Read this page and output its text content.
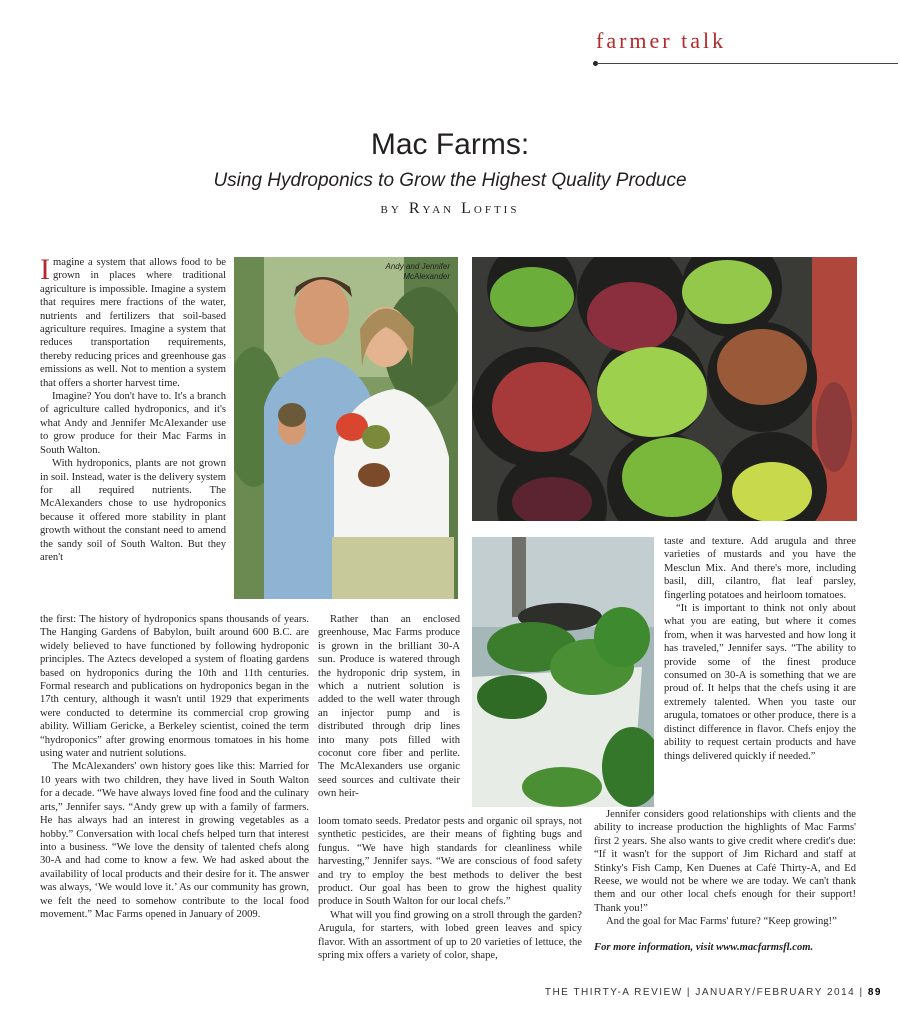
farmer talk
Mac Farms:
Using Hydroponics to Grow the Highest Quality Produce
by Ryan Loftis

Imagine a system that allows food to be grown in places where traditional agriculture is impossible. Imagine a system that requires mere fractions of the water, nutrients and fertilizers that soil-based agriculture requires. Imagine a system that reduces transportation requirements, thereby reducing prices and greenhouse gas emissions as well. Not to mention a system that offers a shorter harvest time.

Imagine? You don't have to. It's a branch of agriculture called hydroponics, and it's what Andy and Jennifer McAlexander use to grow produce for their Mac Farms in South Walton.

With hydroponics, plants are not grown in soil. Instead, water is the delivery system for all required nutrients. The McAlexanders chose to use hydroponics because it offered more stability in plant growth without the constant need to amend the sandy soil of South Walton. But they aren't

Andy and Jennifer
McAlexander

the first: The history of hydroponics spans thousands of years. The Hanging Gardens of Babylon, built around 600 B.C. are widely believed to have functioned by following hydroponic principles. The Aztecs developed a system of floating gardens based on hydroponics during the 10th and 11th centuries. Formal research and publications on hydroponics began in the 17th century, although it wasn't until 1929 that experiments were conducted to determine its commercial crop growing ability. William Gericke, a Berkeley scientist, coined the term “hydroponics” after growing enormous tomatoes in his home using water and nutrient solutions.

The McAlexanders' own history goes like this: Married for 10 years with two children, they have lived in South Walton for a decade. “We have always loved fine food and the culinary arts,” Jennifer says. “Andy grew up with a family of farmers. He has always had an interest in growing vegetables as a hobby.” Conversation with local chefs helped turn that interest into a business. “We love the density of talented chefs along 30-A and had come to know a few. We had asked about the availability of local products and their desire for it. The answer was always, ‘We would love it.’ As our community has grown, we felt the need to somehow contribute to the local food movement.” Mac Farms opened in January of 2009.

Rather than an enclosed greenhouse, Mac Farms produce is grown in the brilliant 30-A sun. Produce is watered through the hydroponic drip system, in which a nutrient solution is added to the well water through an injector pump and is distributed through drip lines into many pots filled with coconut core fiber and perlite. The McAlexanders use organic seed sources and cultivate their own heir-

loom tomato seeds. Predator pests and organic oil sprays, not synthetic pesticides, are their means of fighting bugs and fungus. “We have high standards for cleanliness while harvesting,” Jennifer says. “We are conscious of food safety and try to employ the best methods to deliver the best product. Our goal has been to grow the highest quality produce in South Walton for our local chefs.”

What will you find growing on a stroll through the garden? Arugula, for starters, with lobed green leaves and spicy flavor. With an assortment of up to 20 varieties of lettuce, the spring mix offers a variety of color, shape,

taste and texture. Add arugula and three varieties of mustards and you have the Mesclun Mix. And there's more, including basil, dill, cilantro, flat leaf parsley, fingerling potatoes and heirloom tomatoes.

“It is important to think not only about what you are eating, but where it comes from, when it was harvested and how long it has traveled,” Jennifer says. “The ability to provide some of the finest produce consumed on 30-A is something that we are proud of. It helps that the chefs using it are extremely talented. When you taste our arugula, tomatoes or other produce, there is a distinct difference in flavor. Chefs enjoy the ability to request certain products and have things delivered quickly if needed.”

Jennifer considers good relationships with clients and the ability to increase production the highlights of Mac Farms' first 2 years. She also wants to give credit where credit's due: “If it wasn't for the support of Jim Richard and staff at Stinky's Fish Camp, Ken Duenes at Café Thirty-A, and Ed Reese, we would not be where we are today. We can't thank them and our other local chefs enough for their support! Thank you!”

And the goal for Mac Farms' future? “Keep growing!”

For more information, visit www.macfarmsfl.com.

THE THIRTY-A REVIEW | JANUARY/FEBRUARY 2014 | 89
